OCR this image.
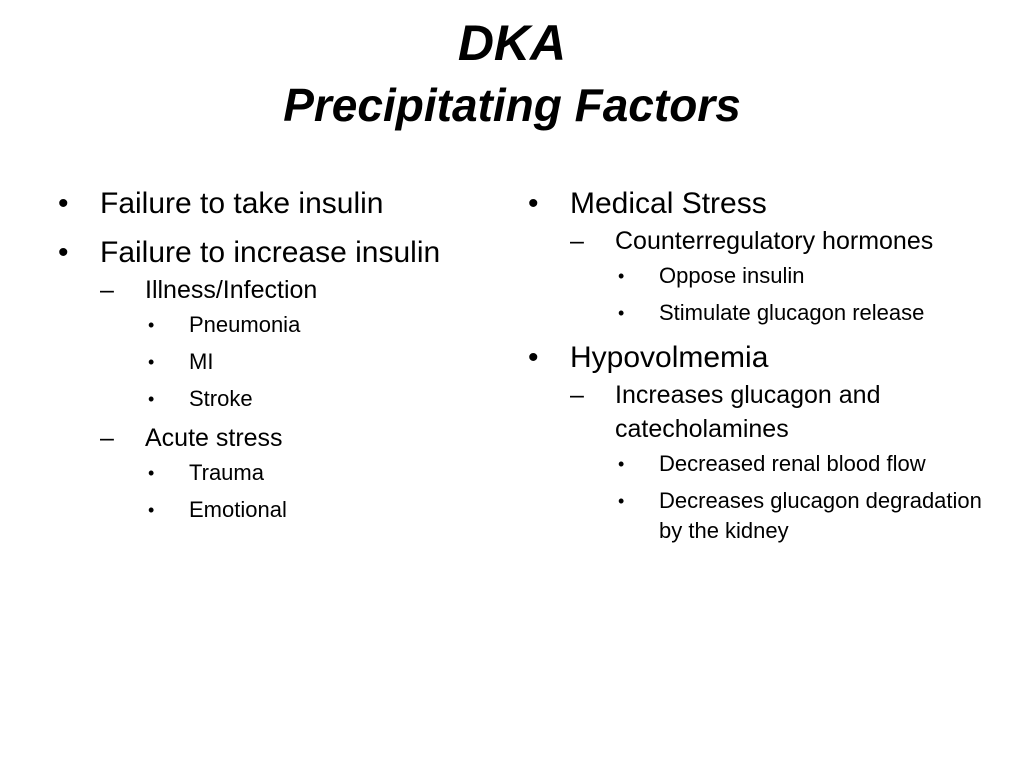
DKA
Precipitating Factors
• Failure to take insulin
• Failure to increase insulin
– Illness/Infection
• Pneumonia
• MI
• Stroke
– Acute stress
• Trauma
• Emotional
• Medical Stress
– Counterregulatory hormones
• Oppose insulin
• Stimulate glucagon release
• Hypovolmemia
– Increases glucagon and catecholamines
• Decreased renal blood flow
• Decreases glucagon degradation by the kidney
